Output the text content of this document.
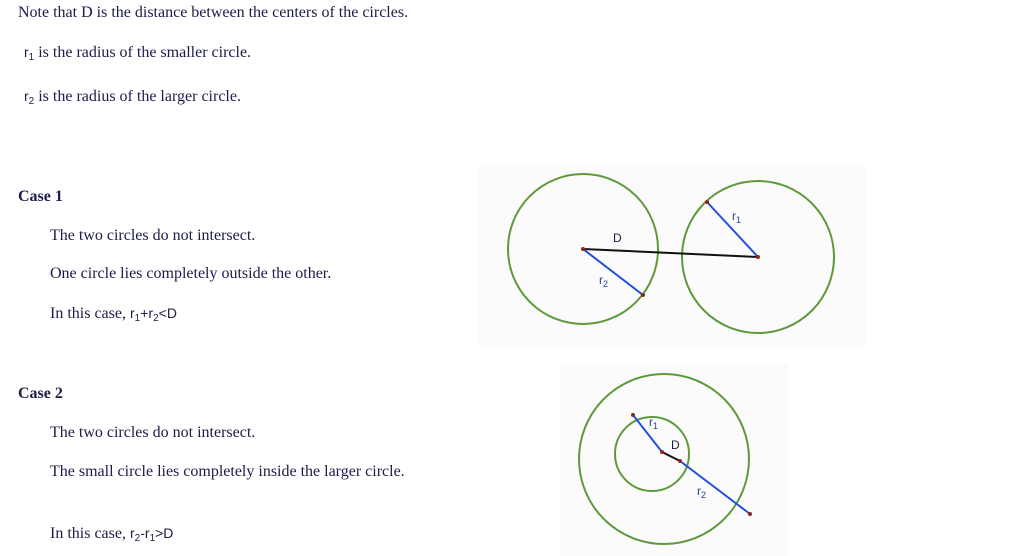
Note that D is the distance between the centers of the circles.
$r_1$ is the radius of the smaller circle.
$r_2$ is the radius of the larger circle.
Case 1
The two circles do not intersect.
One circle lies completely outside the other.
In this case, $r_1+r_2<D$
Case 2
The two circles do not intersect.
The small circle lies completely inside the larger circle.
In this case, $r_2-r_1>D$
D
$r_1$
$r_2$
D
$r_1$
$r_2$
